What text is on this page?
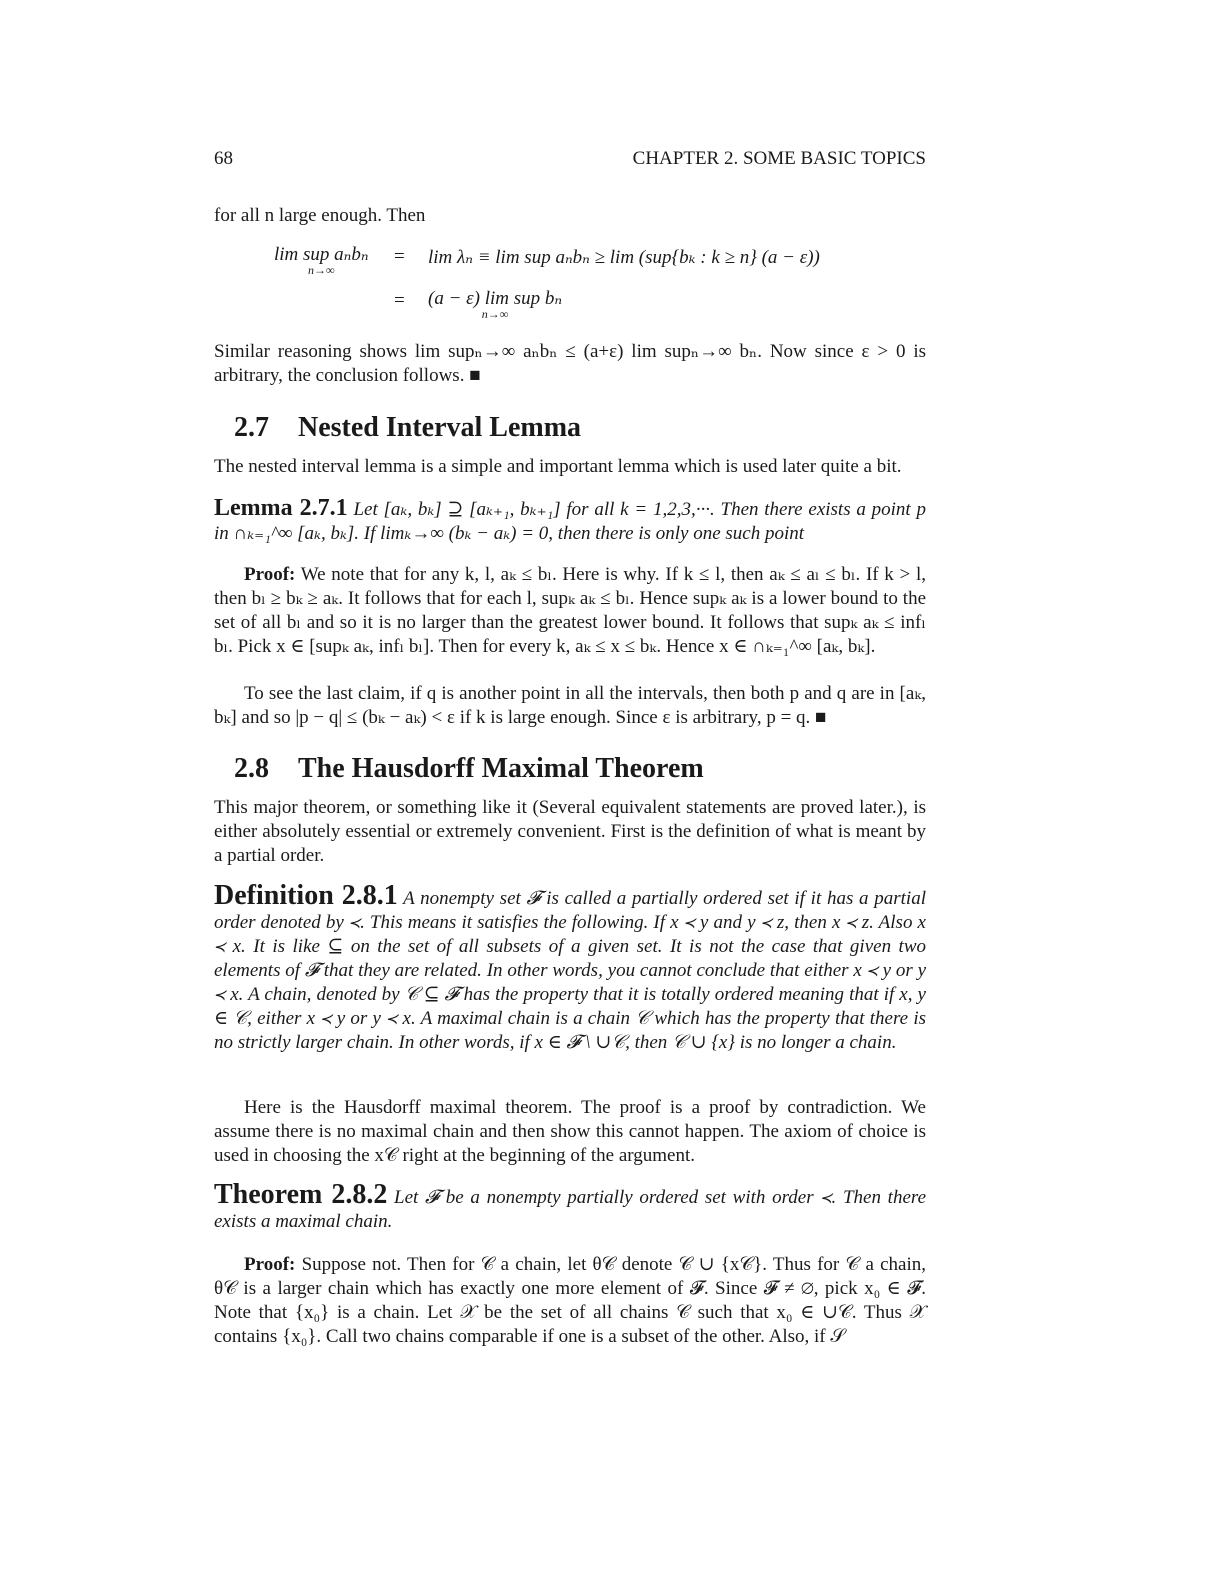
68	CHAPTER 2. SOME BASIC TOPICS
for all n large enough. Then
lim sup aₙbₙ
n→∞
= lim λₙ ≡ lim sup aₙbₙ ≥ lim (sup{bₖ : k ≥ n} (a − ε))
= (a − ε) lim sup bₙ
n→∞
Similar reasoning shows lim supₙ→∞ aₙbₙ ≤ (a+ε) lim supₙ→∞ bₙ. Now since ε > 0 is arbitrary, the conclusion follows. ■
2.7 Nested Interval Lemma
The nested interval lemma is a simple and important lemma which is used later quite a bit.
Lemma 2.7.1 Let [aₖ, bₖ] ⊇ [aₖ₊₁, bₖ₊₁] for all k = 1,2,3,···. Then there exists a point p in ∩ₖ₌₁^∞ [aₖ, bₖ]. If limₖ→∞ (bₖ − aₖ) = 0, then there is only one such point
Proof: We note that for any k, l, aₖ ≤ bₗ. Here is why. If k ≤ l, then aₖ ≤ aₗ ≤ bₗ. If k > l, then bₗ ≥ bₖ ≥ aₖ. It follows that for each l, supₖ aₖ ≤ bₗ. Hence supₖ aₖ is a lower bound to the set of all bₗ and so it is no larger than the greatest lower bound. It follows that supₖ aₖ ≤ infₗ bₗ. Pick x ∈ [supₖ aₖ, infₗ bₗ]. Then for every k, aₖ ≤ x ≤ bₖ. Hence x ∈ ∩ₖ₌₁^∞ [aₖ, bₖ].
To see the last claim, if q is another point in all the intervals, then both p and q are in [aₖ, bₖ] and so |p − q| ≤ (bₖ − aₖ) < ε if k is large enough. Since ε is arbitrary, p = q. ■
2.8 The Hausdorff Maximal Theorem
This major theorem, or something like it (Several equivalent statements are proved later.), is either absolutely essential or extremely convenient. First is the definition of what is meant by a partial order.
Definition 2.8.1 A nonempty set 𝓕 is called a partially ordered set if it has a partial order denoted by ≺. This means it satisfies the following. If x ≺ y and y ≺ z, then x ≺ z. Also x ≺ x. It is like ⊆ on the set of all subsets of a given set. It is not the case that given two elements of 𝓕 that they are related. In other words, you cannot conclude that either x ≺ y or y ≺ x. A chain, denoted by 𝒞 ⊆ 𝓕 has the property that it is totally ordered meaning that if x, y ∈ 𝒞, either x ≺ y or y ≺ x. A maximal chain is a chain 𝒞 which has the property that there is no strictly larger chain. In other words, if x ∈ 𝓕 \ ∪𝒞, then 𝒞 ∪ {x} is no longer a chain.
Here is the Hausdorff maximal theorem. The proof is a proof by contradiction. We assume there is no maximal chain and then show this cannot happen. The axiom of choice is used in choosing the x𝒞 right at the beginning of the argument.
Theorem 2.8.2 Let 𝓕 be a nonempty partially ordered set with order ≺. Then there exists a maximal chain.
Proof: Suppose not. Then for 𝒞 a chain, let θ𝒞 denote 𝒞 ∪ {x𝒞}. Thus for 𝒞 a chain, θ𝒞 is a larger chain which has exactly one more element of 𝓕. Since 𝓕 ≠ ∅, pick x₀ ∈ 𝓕. Note that {x₀} is a chain. Let 𝒳 be the set of all chains 𝒞 such that x₀ ∈ ∪𝒞. Thus 𝒳 contains {x₀}. Call two chains comparable if one is a subset of the other. Also, if 𝒮
